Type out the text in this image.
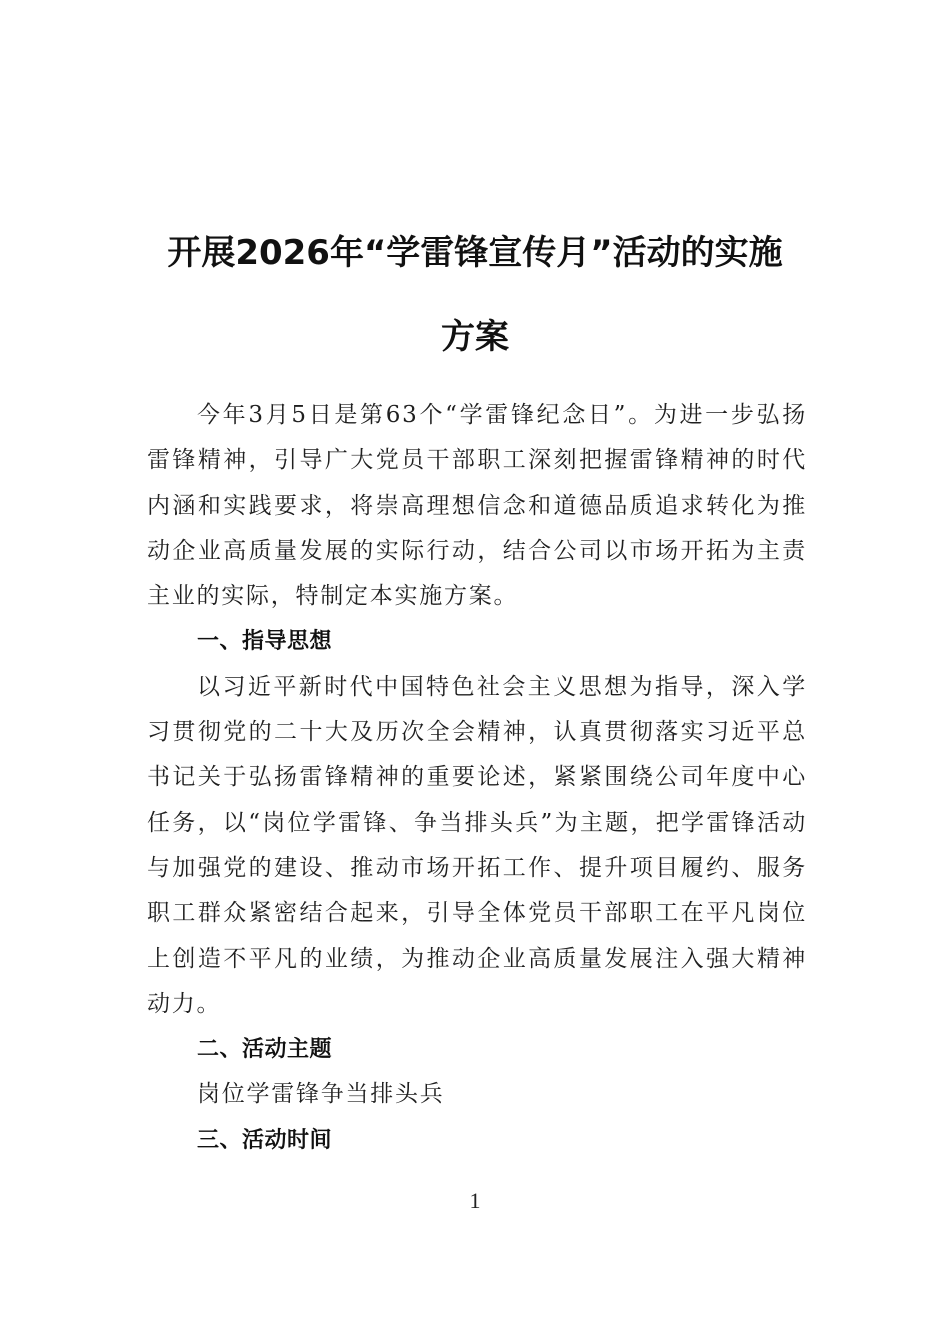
开展2026年“学雷锋宣传月”活动的实施
方案

今年3月5日是第63个“学雷锋纪念日”。为进一步弘扬雷锋精神，引导广大党员干部职工深刻把握雷锋精神的时代内涵和实践要求，将崇高理想信念和道德品质追求转化为推动企业高质量发展的实际行动，结合公司以市场开拓为主责主业的实际，特制定本实施方案。

一、指导思想

以习近平新时代中国特色社会主义思想为指导，深入学习贯彻党的二十大及历次全会精神，认真贯彻落实习近平总书记关于弘扬雷锋精神的重要论述，紧紧围绕公司年度中心任务，以“岗位学雷锋、争当排头兵”为主题，把学雷锋活动与加强党的建设、推动市场开拓工作、提升项目履约、服务职工群众紧密结合起来，引导全体党员干部职工在平凡岗位上创造不平凡的业绩，为推动企业高质量发展注入强大精神动力。

二、活动主题

岗位学雷锋争当排头兵

三、活动时间
1
